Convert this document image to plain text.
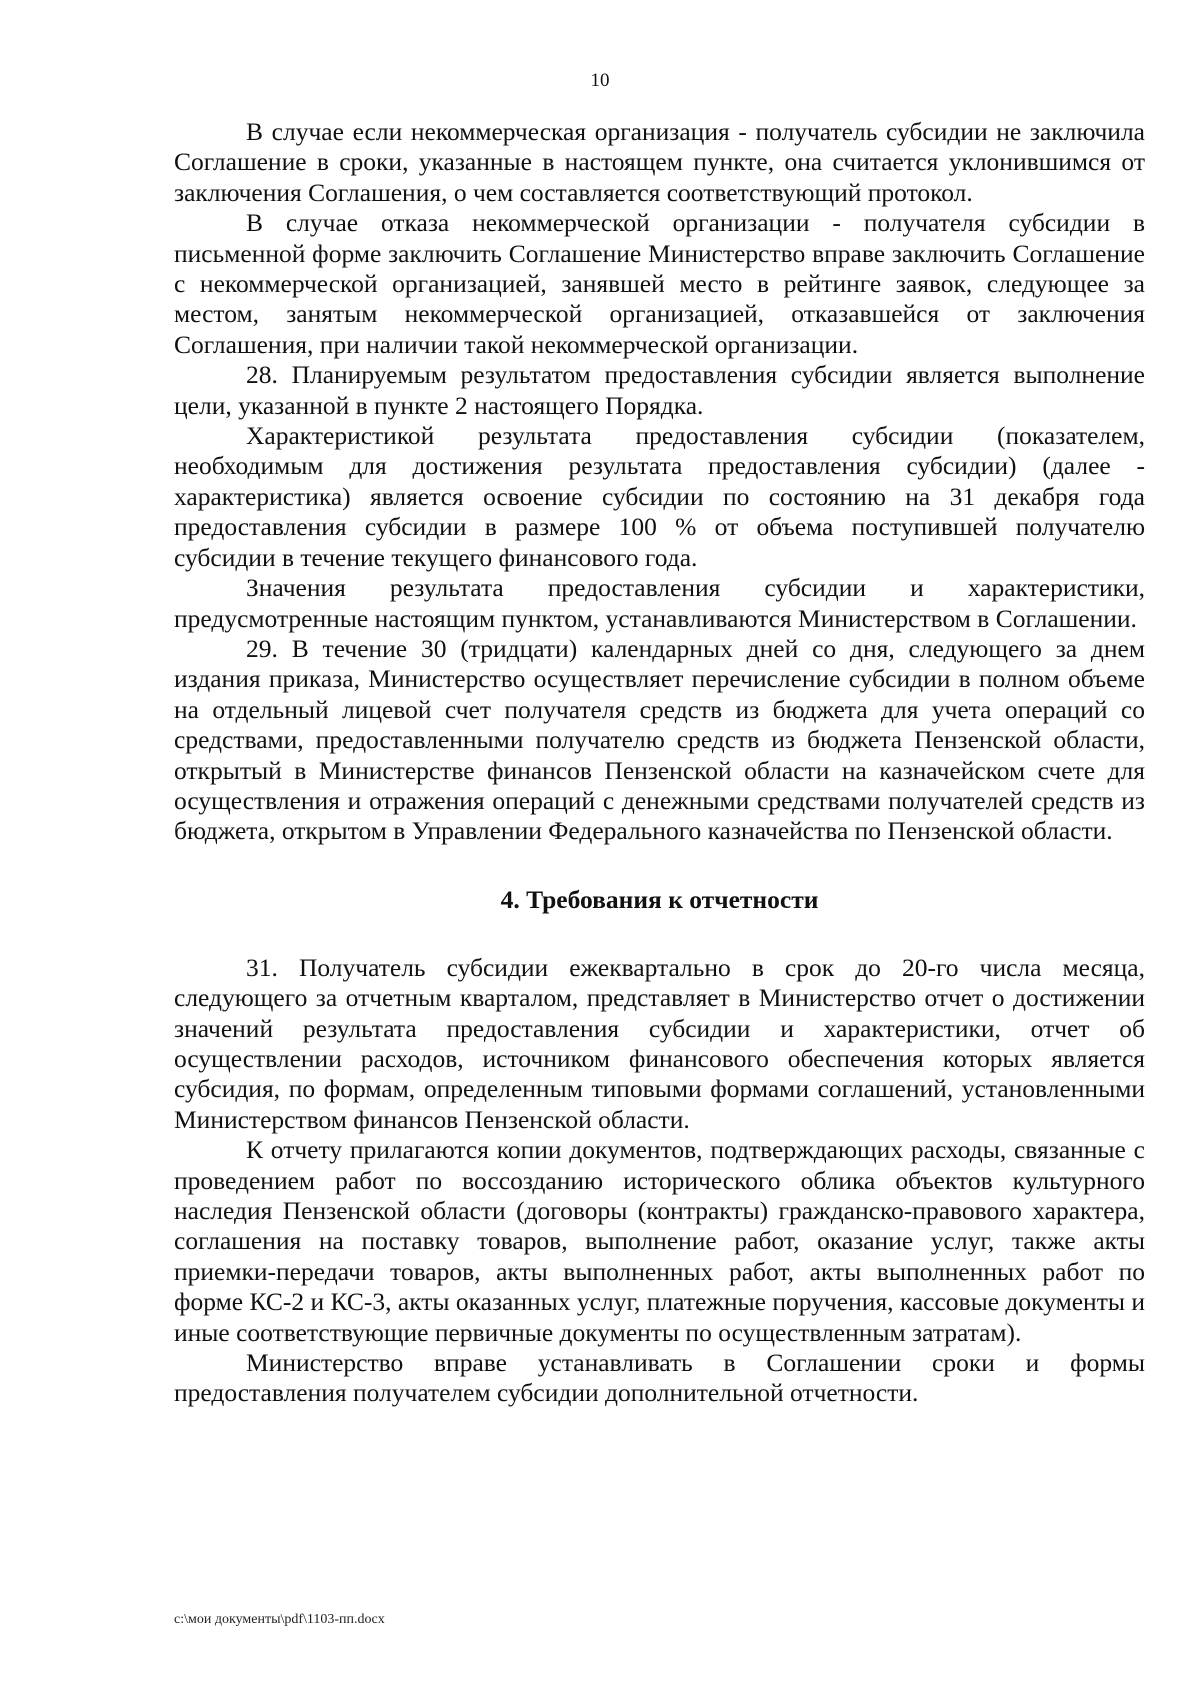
10

В случае если некоммерческая организация - получатель субсидии не заключила Соглашение в сроки, указанные в настоящем пункте, она считается уклонившимся от заключения Соглашения, о чем составляется соответствующий протокол.

В случае отказа некоммерческой организации - получателя субсидии в письменной форме заключить Соглашение Министерство вправе заключить Соглашение с некоммерческой организацией, занявшей место в рейтинге заявок, следующее за местом, занятым некоммерческой организацией, отказавшейся от заключения Соглашения, при наличии такой некоммерческой организации.

28. Планируемым результатом предоставления субсидии является выполнение цели, указанной в пункте 2 настоящего Порядка.

Характеристикой результата предоставления субсидии (показателем, необходимым для достижения результата предоставления субсидии) (далее - характеристика) является освоение субсидии по состоянию на 31 декабря года предоставления субсидии в размере 100 % от объема поступившей получателю субсидии в течение текущего финансового года.

Значения результата предоставления субсидии и характеристики, предусмотренные настоящим пунктом, устанавливаются Министерством в Соглашении.

29. В течение 30 (тридцати) календарных дней со дня, следующего за днем издания приказа, Министерство осуществляет перечисление субсидии в полном объеме на отдельный лицевой счет получателя средств из бюджета для учета операций со средствами, предоставленными получателю средств из бюджета Пензенской области, открытый в Министерстве финансов Пензенской области на казначейском счете для осуществления и отражения операций с денежными средствами получателей средств из бюджета, открытом в Управлении Федерального казначейства по Пензенской области.

4. Требования к отчетности

31. Получатель субсидии ежеквартально в срок до 20-го числа месяца, следующего за отчетным кварталом, представляет в Министерство отчет о достижении значений результата предоставления субсидии и характеристики, отчет об осуществлении расходов, источником финансового обеспечения которых является субсидия, по формам, определенным типовыми формами соглашений, установленными Министерством финансов Пензенской области.

К отчету прилагаются копии документов, подтверждающих расходы, связанные с проведением работ по воссозданию исторического облика объектов культурного наследия Пензенской области (договоры (контракты) гражданско-правового характера, соглашения на поставку товаров, выполнение работ, оказание услуг, также акты приемки-передачи товаров, акты выполненных работ, акты выполненных работ по форме КС-2 и КС-3, акты оказанных услуг, платежные поручения, кассовые документы и иные соответствующие первичные документы по осуществленным затратам).

Министерство вправе устанавливать в Соглашении сроки и формы предоставления получателем субсидии дополнительной отчетности.

с:\мои документы\pdf\1103-пп.docx
